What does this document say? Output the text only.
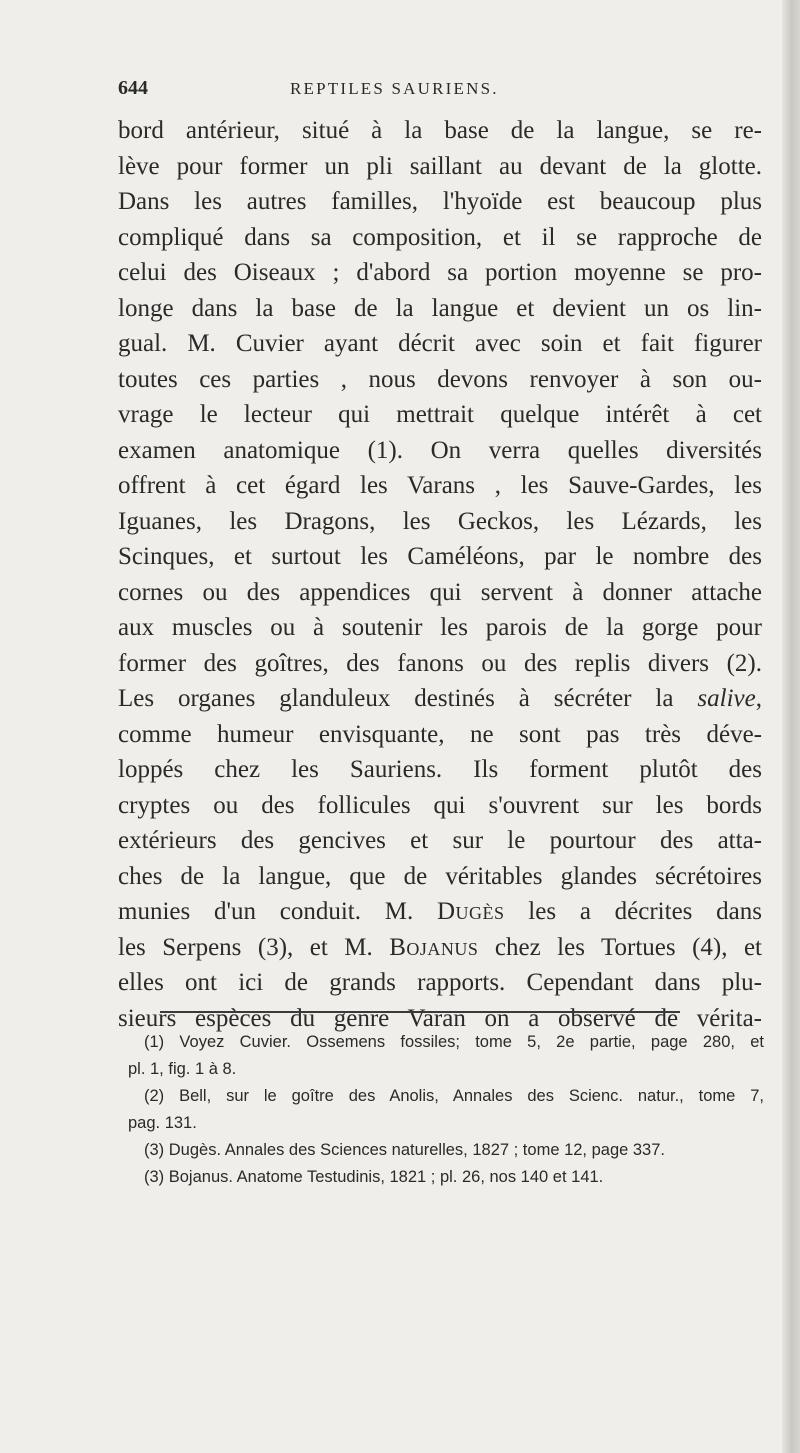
644	REPTILES SAURIENS.
bord antérieur, situé à la base de la langue, se re-
lève pour former un pli saillant au devant de la glotte.
Dans les autres familles, l'hyoïde est beaucoup plus
compliqué dans sa composition, et il se rapproche de
celui des Oiseaux ; d'abord sa portion moyenne se pro-
longe dans la base de la langue et devient un os lin-
gual. M. Cuvier ayant décrit avec soin et fait figurer
toutes ces parties , nous devons renvoyer à son ou-
vrage le lecteur qui mettrait quelque intérêt à cet
examen anatomique (1). On verra quelles diversités
offrent à cet égard les Varans , les Sauve-Gardes, les
Iguanes, les Dragons, les Geckos, les Lézards, les
Scinques, et surtout les Caméléons, par le nombre des
cornes ou des appendices qui servent à donner attache
aux muscles ou à soutenir les parois de la gorge pour
former des goîtres, des fanons ou des replis divers (2).
Les organes glanduleux destinés à sécréter la salive,
comme humeur envisquante, ne sont pas très déve-
loppés chez les Sauriens. Ils forment plutôt des
cryptes ou des follicules qui s'ouvrent sur les bords
extérieurs des gencives et sur le pourtour des atta-
ches de la langue, que de véritables glandes sécrétoires
munies d'un conduit. M. Dugès les a décrites dans
les Serpens (3), et M. Bojanus chez les Tortues (4), et
elles ont ici de grands rapports. Cependant dans plu-
sieurs espèces du genre Varan on a observé de vérita-
(1) Voyez Cuvier. Ossemens fossiles; tome 5, 2e partie, page 280, et
pl. 1, fig. 1 à 8.
(2) Bell, sur le goître des Anolis, Annales des Scienc. natur., tome 7,
pag. 131.
(3) Dugès. Annales des Sciences naturelles, 1827 ; tome 12, page 337.
(3) Bojanus. Anatome Testudinis, 1821 ; pl. 26, nos 140 et 141.
